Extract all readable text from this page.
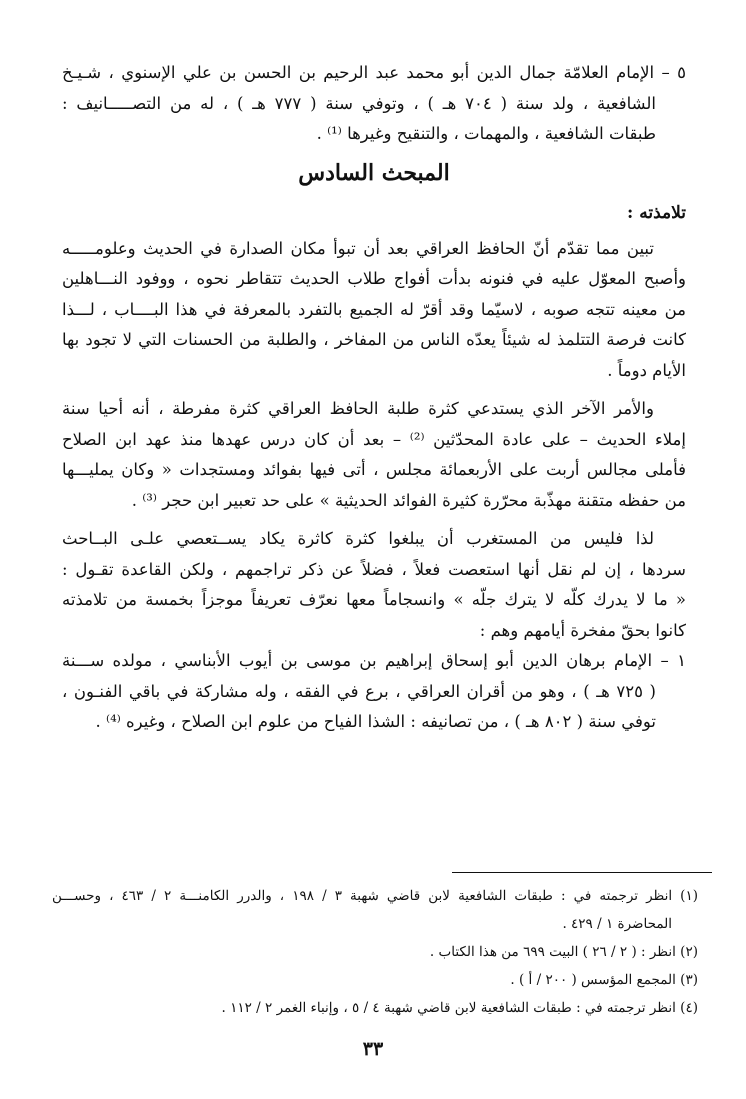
٥ – الإمام العلامّة جمال الدين أبو محمد عبد الرحيم بن الحسن بن علي الإسنوي ، شـيـخ
الشافعية ، ولد سنة ( ٧٠٤ هـ ) ، وتوفي سنة ( ٧٧٧ هـ ) ، له من التصـــــانيف :
طبقات الشافعية ، والمهمات ، والتنقيح وغيرها ⁽¹⁾ .

المبحث السادس
تلامذته :

تبين مما تقدّم أنّ الحافظ العراقي بعد أن تبوأ مكان الصدارة في الحديث وعلومـــــه
وأصبح المعوّل عليه في فنونه بدأت أفواج طلاب الحديث تتقاطر نحوه ، ووفود النـــاهلين
من معينه تتجه صوبه ، لاسيّما وقد أقرّ له الجميع بالتفرد بالمعرفة في هذا البــــاب ، لـــذا
كانت فرصة التتلمذ له شيئاً يعدّه الناس من المفاخر ، والطلبة من الحسنات التي لا تجود بها
الأيام دوماً .

والأمر الآخر الذي يستدعي كثرة طلبة الحافظ العراقي كثرة مفرطة ، أنه أحيا سنة
إملاء الحديث – على عادة المحدّثين ⁽²⁾ – بعد أن كان درس عهدها منذ عهد ابن الصلاح
فأملى مجالس أربت على الأربعمائة مجلس ، أتى فيها بفوائد ومستجدات « وكان يمليـــها
من حفظه متقنة مهذّبة محرّرة كثيرة الفوائد الحديثية » على حد تعبير ابن حجر ⁽³⁾ .

لذا فليس من المستغرب أن يبلغوا كثرة كاثرة يكاد يســتعصي علـى البــاحث
سردها ، إن لم نقل أنها استعصت فعلاً ، فضلاً عن ذكر تراجمهم ، ولكن القاعدة تقـول :
« ما لا يدرك كلّه لا يترك جلّه » وانسجاماً معها نعرّف تعريفاً موجزاً بخمسة من تلامذته
كانوا بحقّ مفخرة أيامهم وهم :

١ – الإمام برهان الدين أبو إسحاق إبراهيم بن موسى بن أيوب الأبناسي ، مولده ســـنة
( ٧٢٥ هـ ) ، وهو من أقران العراقي ، برع في الفقه ، وله مشاركة في باقي الفنـون ،
توفي سنة ( ٨٠٢ هـ ) ، من تصانيفه : الشذا الفياح من علوم ابن الصلاح ، وغيره ⁽⁴⁾ .

(١) انظر ترجمته في : طبقات الشافعية لابن قاضي شهبة ٣ / ١٩٨ ، والدرر الكامنـــة ٢ / ٤٦٣ ، وحســـن
المحاضرة ١ / ٤٢٩ .
(٢) انظر : ( ٢ / ٢٦ ) البيت ٦٩٩ من هذا الكتاب .
(٣) المجمع المؤسس ( ٢٠٠ / أ ) .
(٤) انظر ترجمته في : طبقات الشافعية لابن قاضي شهبة ٤ / ٥ ، وإنباء الغمر ٢ / ١١٢ .
٣٣
